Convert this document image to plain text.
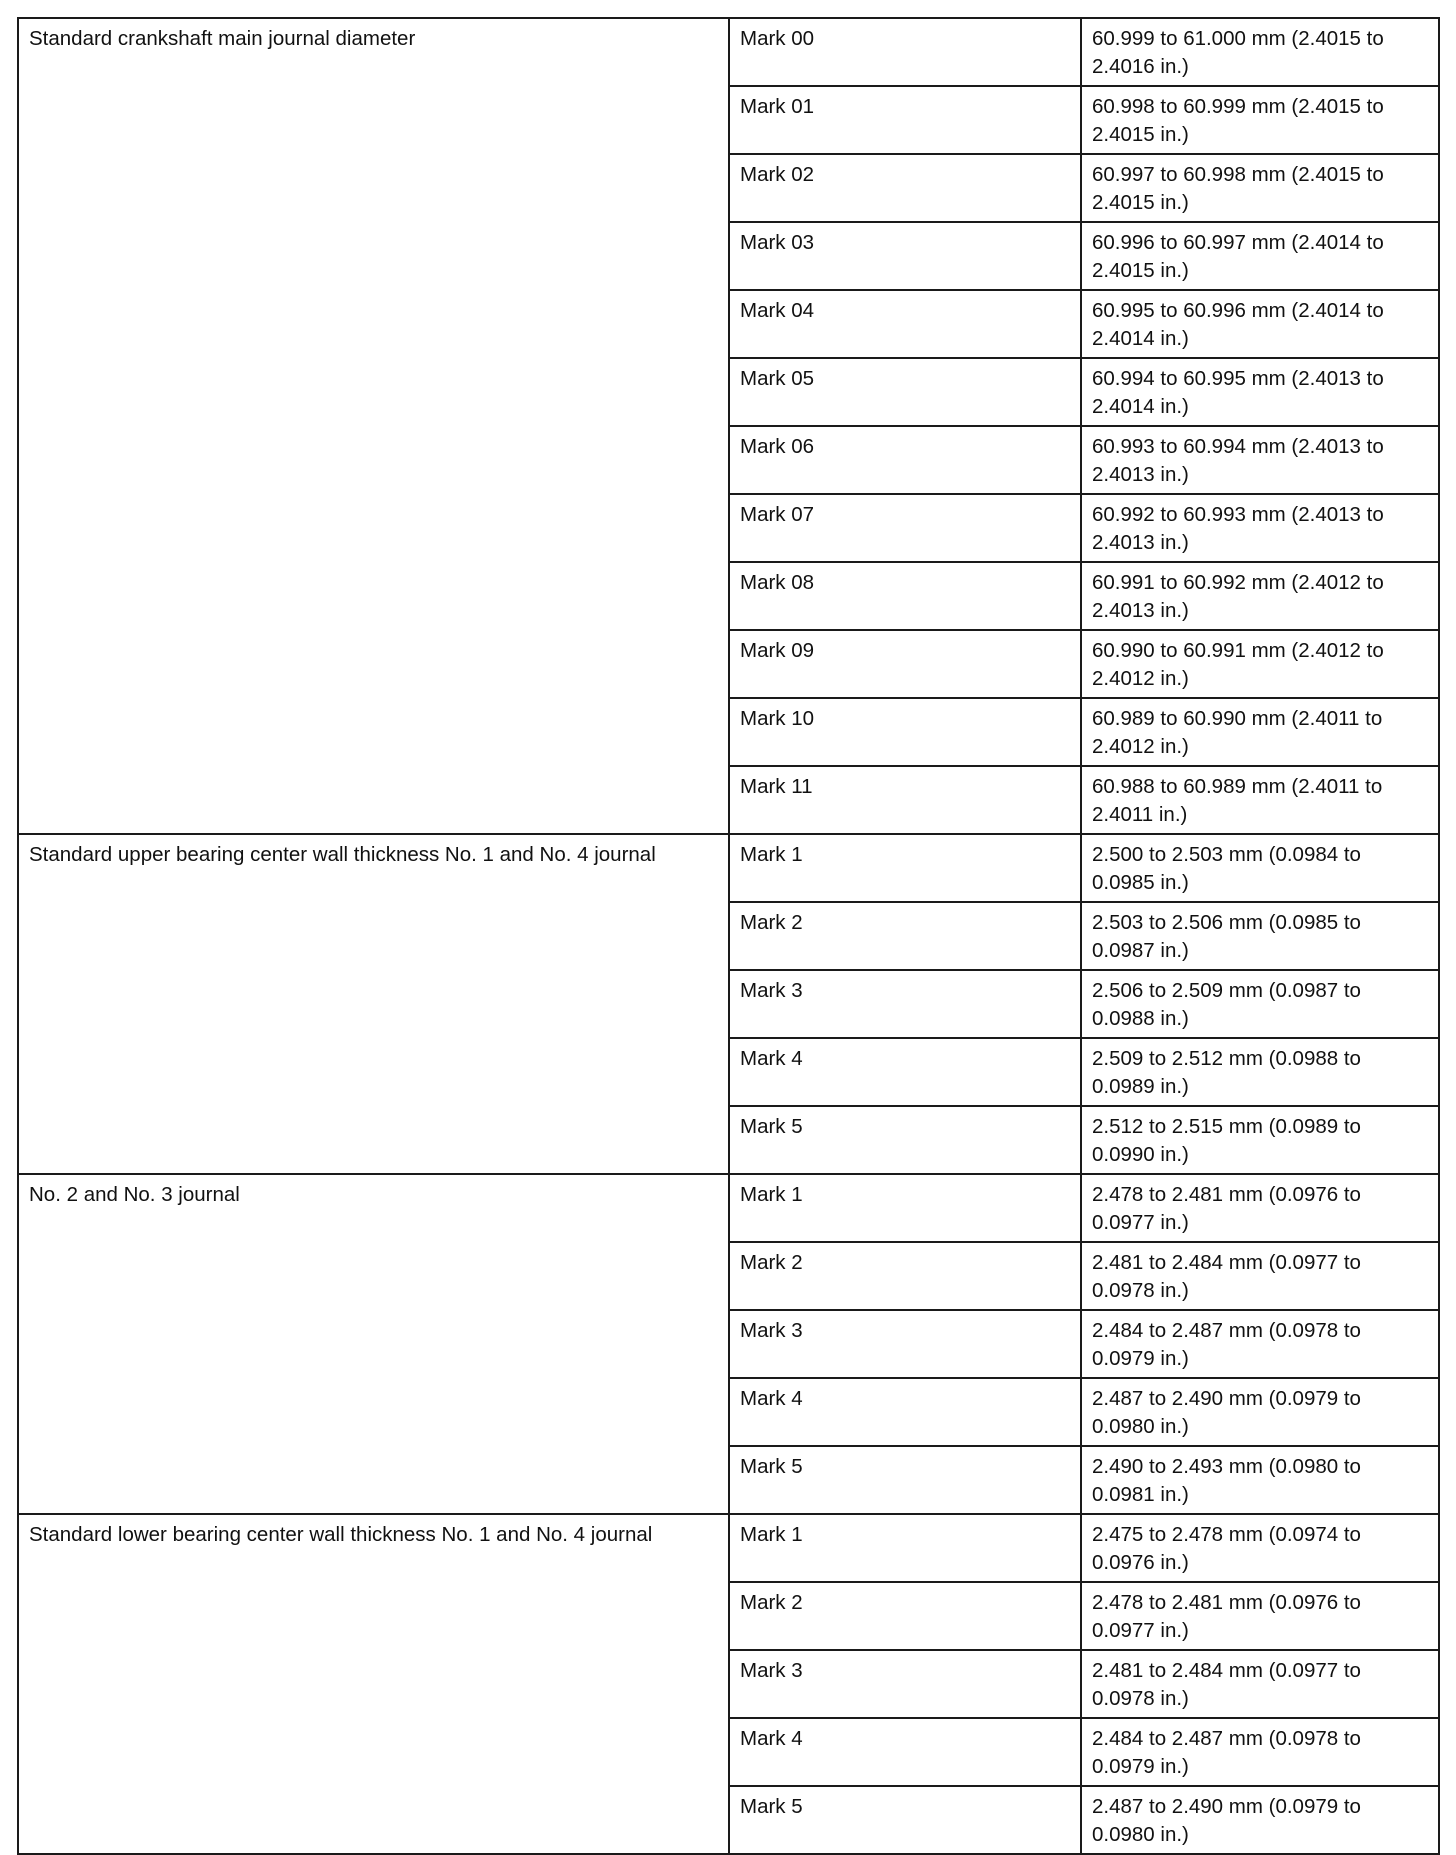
Standard crankshaft main journal diameter	Mark 00	60.999 to 61.000 mm (2.4015 to 2.4016 in.)
	Mark 01	60.998 to 60.999 mm (2.4015 to 2.4015 in.)
	Mark 02	60.997 to 60.998 mm (2.4015 to 2.4015 in.)
	Mark 03	60.996 to 60.997 mm (2.4014 to 2.4015 in.)
	Mark 04	60.995 to 60.996 mm (2.4014 to 2.4014 in.)
	Mark 05	60.994 to 60.995 mm (2.4013 to 2.4014 in.)
	Mark 06	60.993 to 60.994 mm (2.4013 to 2.4013 in.)
	Mark 07	60.992 to 60.993 mm (2.4013 to 2.4013 in.)
	Mark 08	60.991 to 60.992 mm (2.4012 to 2.4013 in.)
	Mark 09	60.990 to 60.991 mm (2.4012 to 2.4012 in.)
	Mark 10	60.989 to 60.990 mm (2.4011 to 2.4012 in.)
	Mark 11	60.988 to 60.989 mm (2.4011 to 2.4011 in.)
Standard upper bearing center wall thickness No. 1 and No. 4 journal	Mark 1	2.500 to 2.503 mm (0.0984 to 0.0985 in.)
	Mark 2	2.503 to 2.506 mm (0.0985 to 0.0987 in.)
	Mark 3	2.506 to 2.509 mm (0.0987 to 0.0988 in.)
	Mark 4	2.509 to 2.512 mm (0.0988 to 0.0989 in.)
	Mark 5	2.512 to 2.515 mm (0.0989 to 0.0990 in.)
No. 2 and No. 3 journal	Mark 1	2.478 to 2.481 mm (0.0976 to 0.0977 in.)
	Mark 2	2.481 to 2.484 mm (0.0977 to 0.0978 in.)
	Mark 3	2.484 to 2.487 mm (0.0978 to 0.0979 in.)
	Mark 4	2.487 to 2.490 mm (0.0979 to 0.0980 in.)
	Mark 5	2.490 to 2.493 mm (0.0980 to 0.0981 in.)
Standard lower bearing center wall thickness No. 1 and No. 4 journal	Mark 1	2.475 to 2.478 mm (0.0974 to 0.0976 in.)
	Mark 2	2.478 to 2.481 mm (0.0976 to 0.0977 in.)
	Mark 3	2.481 to 2.484 mm (0.0977 to 0.0978 in.)
	Mark 4	2.484 to 2.487 mm (0.0978 to 0.0979 in.)
	Mark 5	2.487 to 2.490 mm (0.0979 to 0.0980 in.)
